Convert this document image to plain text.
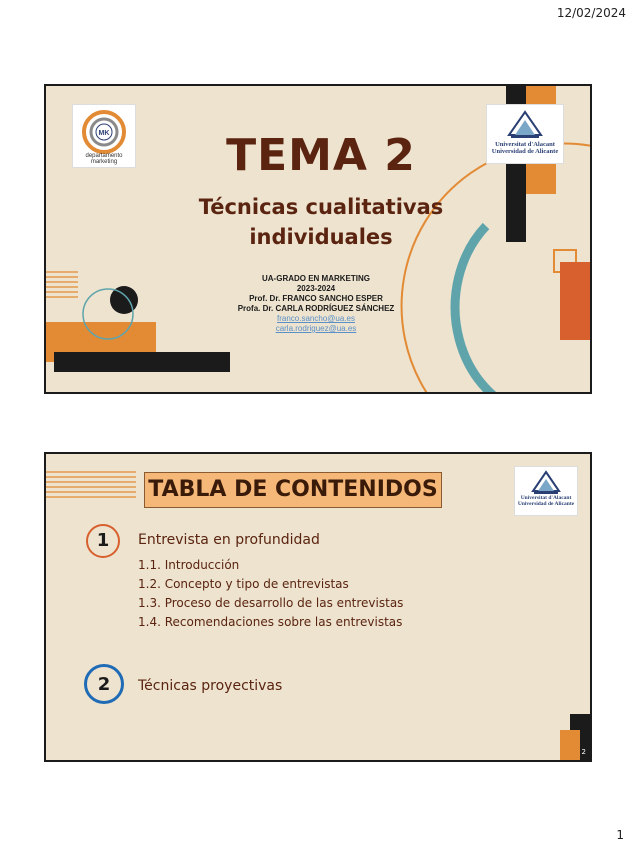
12/02/2024
MK
departamento marketing
Universitat d'Alacant
Universidad de Alicante
TEMA 2
Técnicas cualitativas individuales
UA-GRADO EN MARKETING
2023-2024
Prof. Dr. FRANCO SANCHO ESPER
Profa. Dr. CARLA RODRÍGUEZ SÁNCHEZ
franco.sancho@ua.es
carla.rodriguez@ua.es
TABLA DE CONTENIDOS	Universitat d'Alacant
Universidad de Alicante
1	Entrevista en profundidad
1.1. Introducción
1.2. Concepto y tipo de entrevistas
1.3. Proceso de desarrollo de las entrevistas
1.4. Recomendaciones sobre las entrevistas
2	Técnicas proyectivas
2
1
